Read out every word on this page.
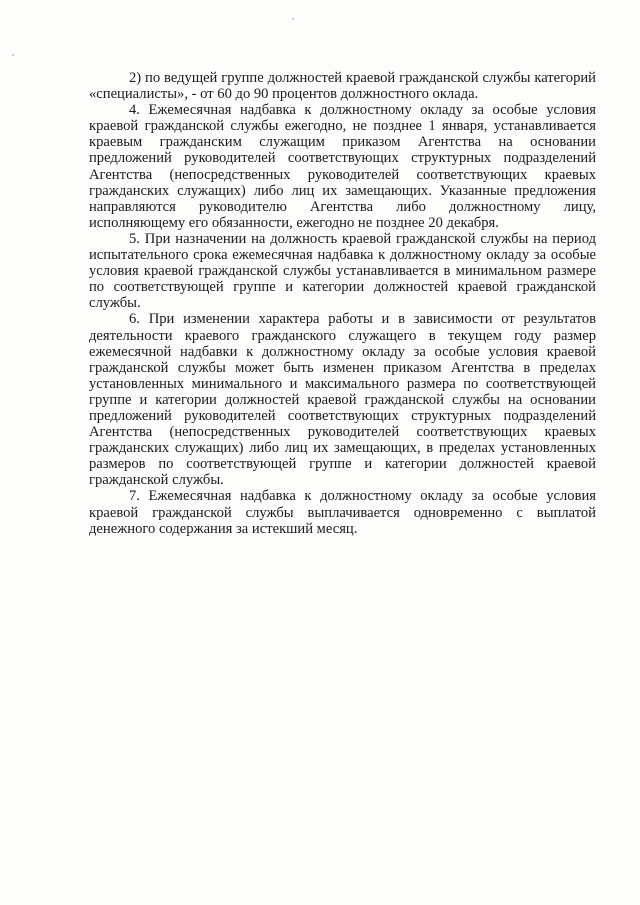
2) по ведущей группе должностей краевой гражданской службы категорий «специалисты», - от 60 до 90 процентов должностного оклада.

4. Ежемесячная надбавка к должностному окладу за особые условия краевой гражданской службы ежегодно, не позднее 1 января, устанавливается краевым гражданским служащим приказом Агентства на основании предложений руководителей соответствующих структурных подразделений Агентства (непосредственных руководителей соответствующих краевых гражданских служащих) либо лиц их замещающих. Указанные предложения направляются руководителю Агентства либо должностному лицу, исполняющему его обязанности, ежегодно не позднее 20 декабря.

5. При назначении на должность краевой гражданской службы на период испытательного срока ежемесячная надбавка к должностному окладу за особые условия краевой гражданской службы устанавливается в минимальном размере по соответствующей группе и категории должностей краевой гражданской службы.

6. При изменении характера работы и в зависимости от результатов деятельности краевого гражданского служащего в текущем году размер ежемесячной надбавки к должностному окладу за особые условия краевой гражданской службы может быть изменен приказом Агентства в пределах установленных минимального и максимального размера по соответствующей группе и категории должностей краевой гражданской службы на основании предложений руководителей соответствующих структурных подразделений Агентства (непосредственных руководителей соответствующих краевых гражданских служащих) либо лиц их замещающих, в пределах установленных размеров по соответствующей группе и категории должностей краевой гражданской службы.

7. Ежемесячная надбавка к должностному окладу за особые условия краевой гражданской службы выплачивается одновременно с выплатой денежного содержания за истекший месяц.
